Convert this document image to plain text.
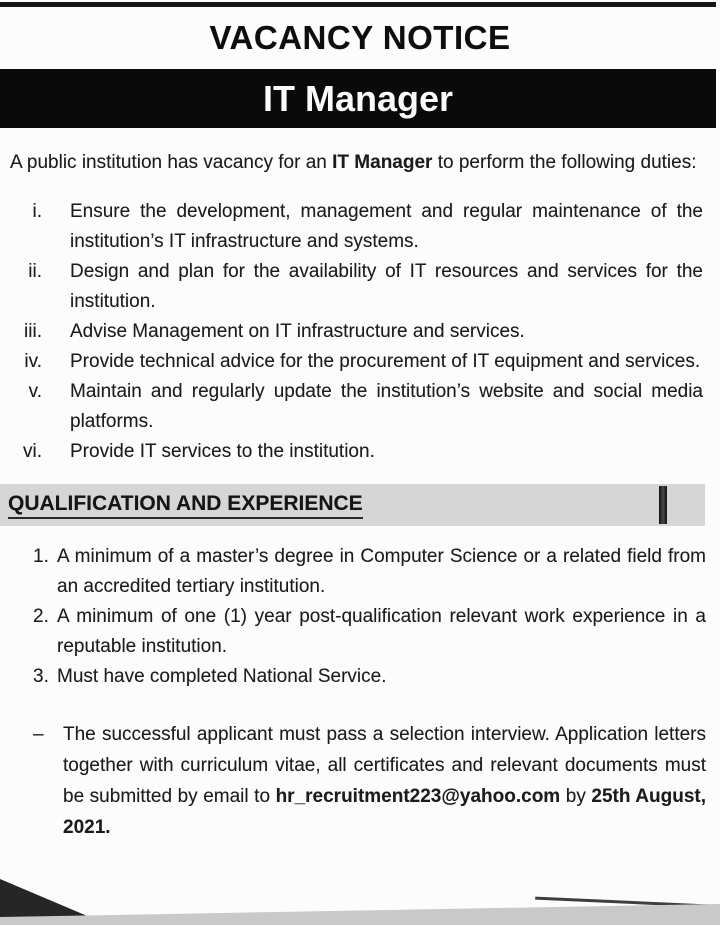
VACANCY NOTICE
IT Manager

A public institution has vacancy for an IT Manager to perform the following duties:

i. Ensure the development, management and regular maintenance of the institution’s IT infrastructure and systems.
ii. Design and plan for the availability of IT resources and services for the institution.
iii. Advise Management on IT infrastructure and services.
iv. Provide technical advice for the procurement of IT equipment and services.
v. Maintain and regularly update the institution’s website and social media platforms.
vi. Provide IT services to the institution.
QUALIFICATION AND EXPERIENCE
1. A minimum of a master’s degree in Computer Science or a related field from an accredited tertiary institution.
2. A minimum of one (1) year post-qualification relevant work experience in a reputable institution.
3. Must have completed National Service.
–	The successful applicant must pass a selection interview. Application letters together with curriculum vitae, all certificates and relevant documents must be submitted by email to hr_recruitment223@yahoo.com by 25th August, 2021.
